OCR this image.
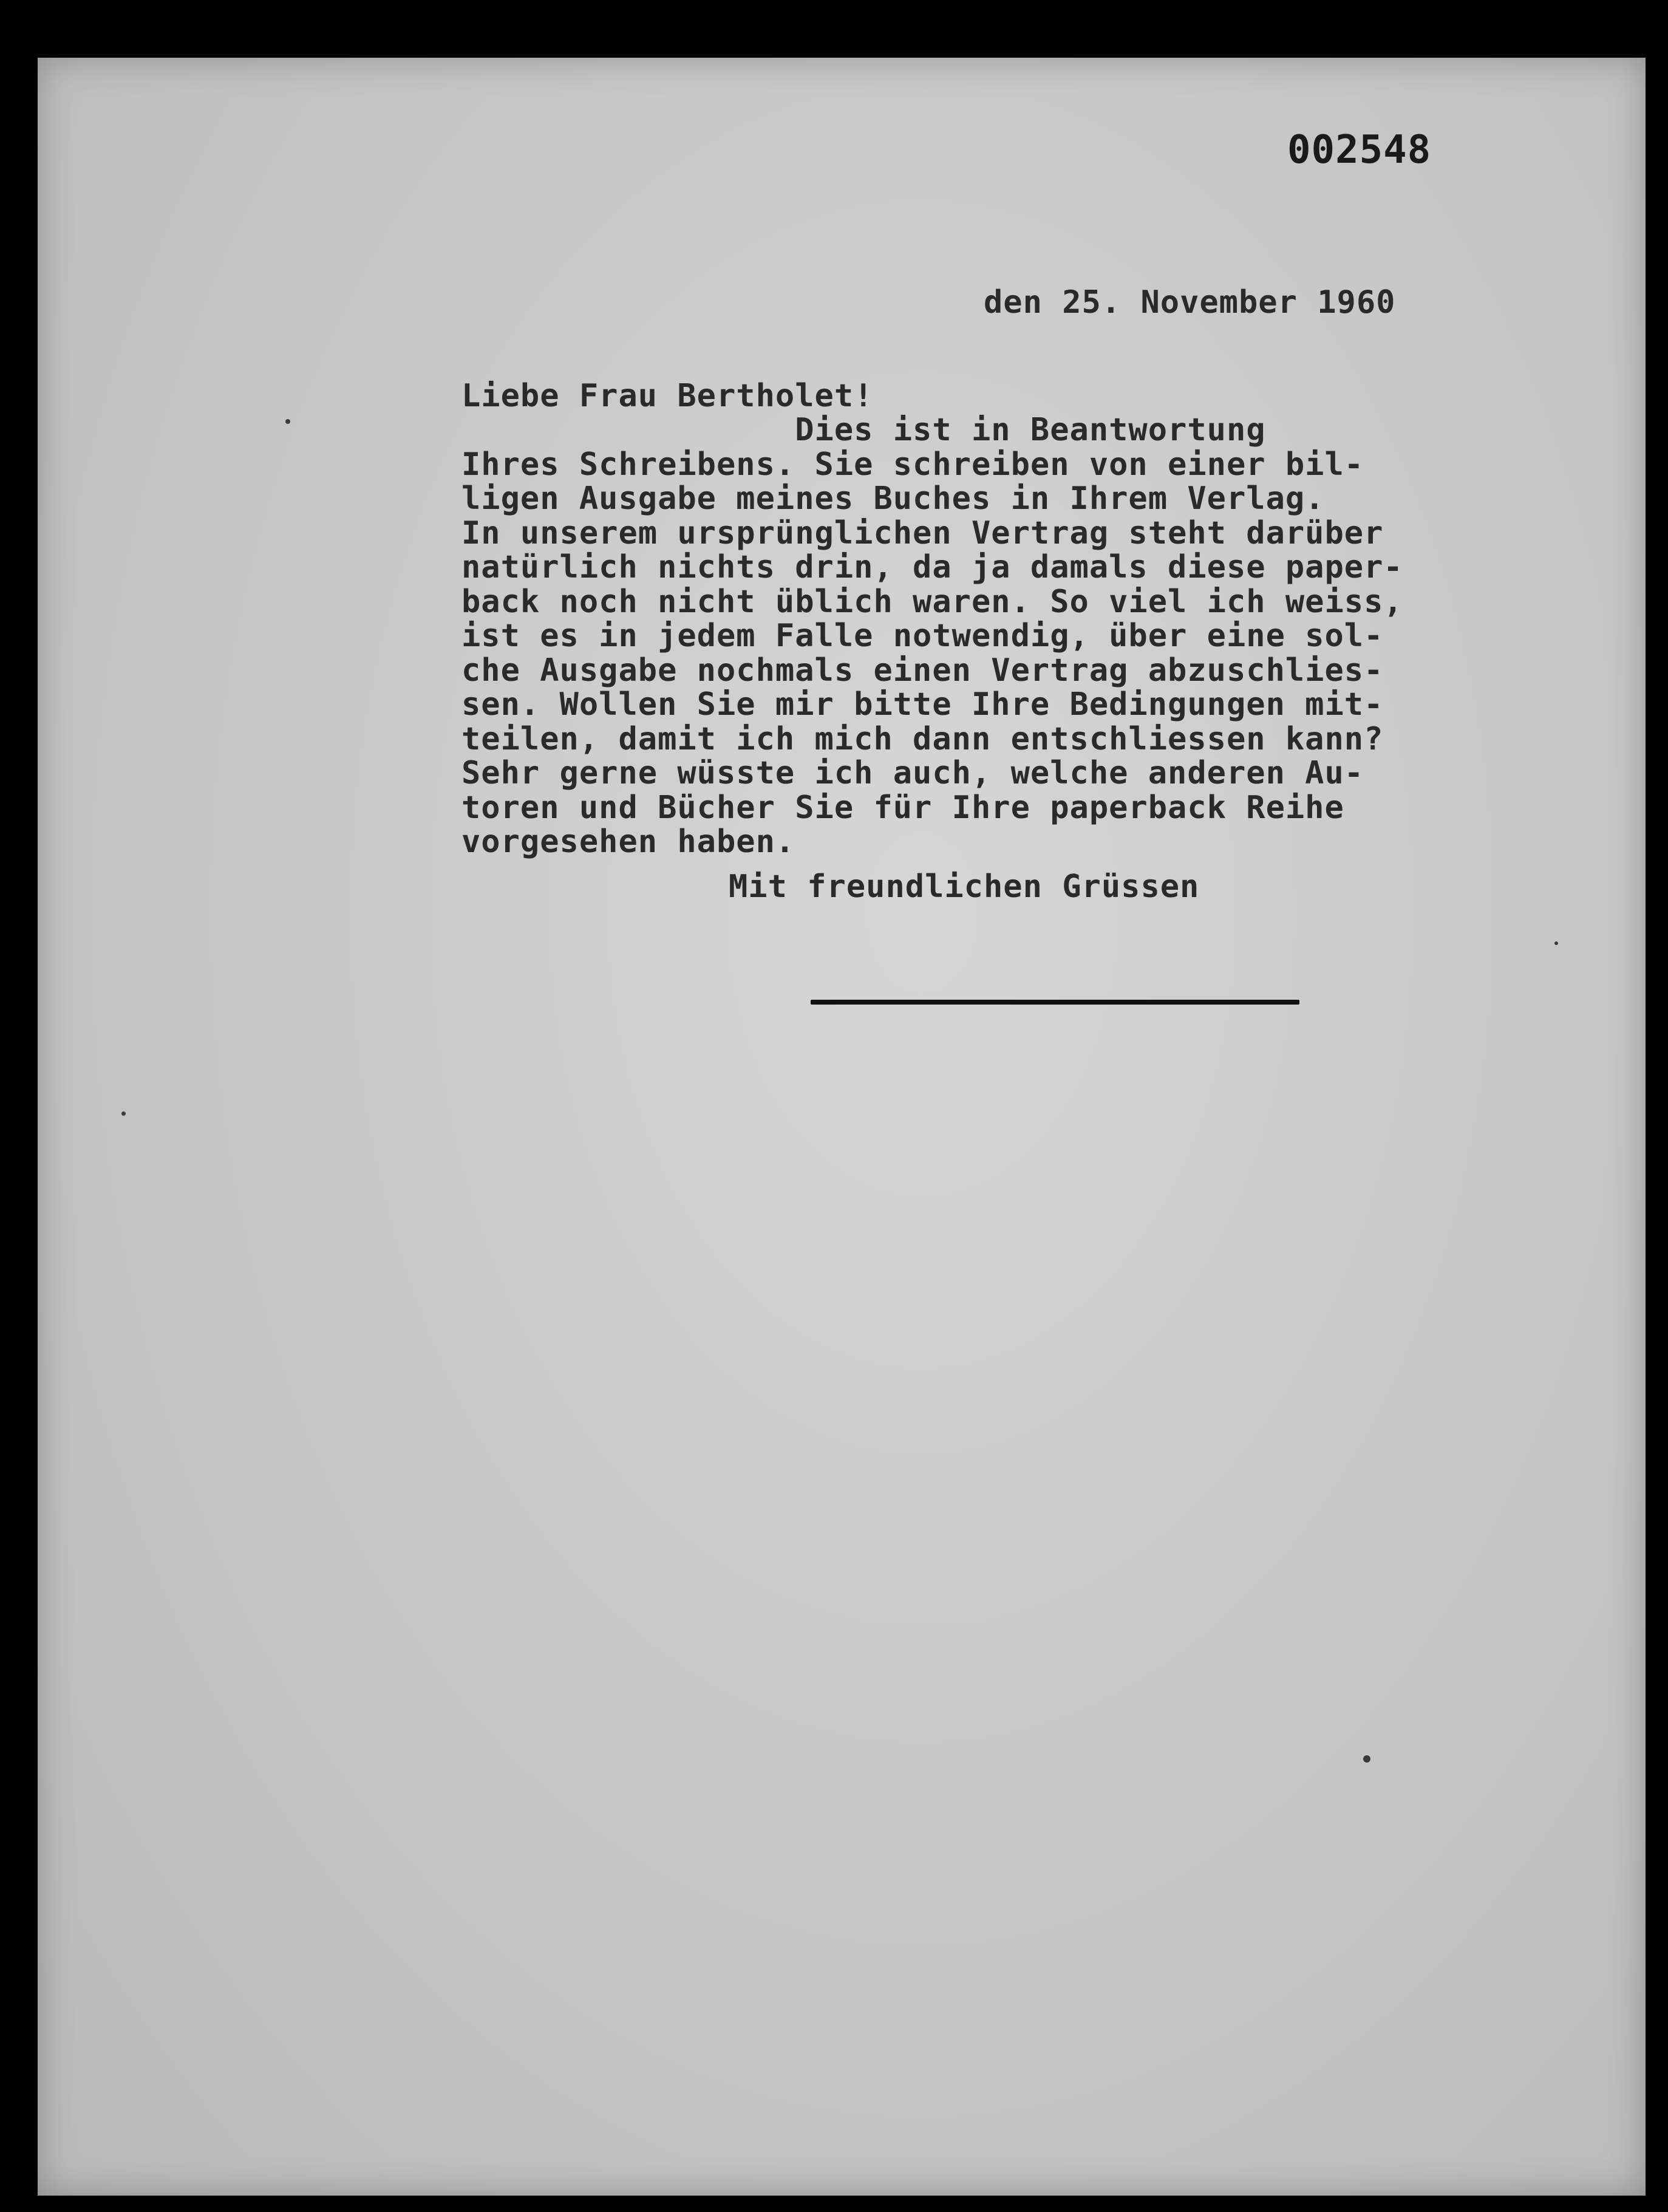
002548
den 25. November 1960
Liebe Frau Bertholet!
Dies ist in Beantwortung
Ihres Schreibens. Sie schreiben von einer bil-
ligen Ausgabe meines Buches in Ihrem Verlag.
In unserem ursprünglichen Vertrag steht darüber
natürlich nichts drin, da ja damals diese paper-
back noch nicht üblich waren. So viel ich weiss,
ist es in jedem Falle notwendig, über eine sol-
che Ausgabe nochmals einen Vertrag abzuschlies-
sen. Wollen Sie mir bitte Ihre Bedingungen mit-
teilen, damit ich mich dann entschliessen kann?
Sehr gerne wüsste ich auch, welche anderen Au-
toren und Bücher Sie für Ihre paperback Reihe
vorgesehen haben.
Mit freundlichen Grüssen
